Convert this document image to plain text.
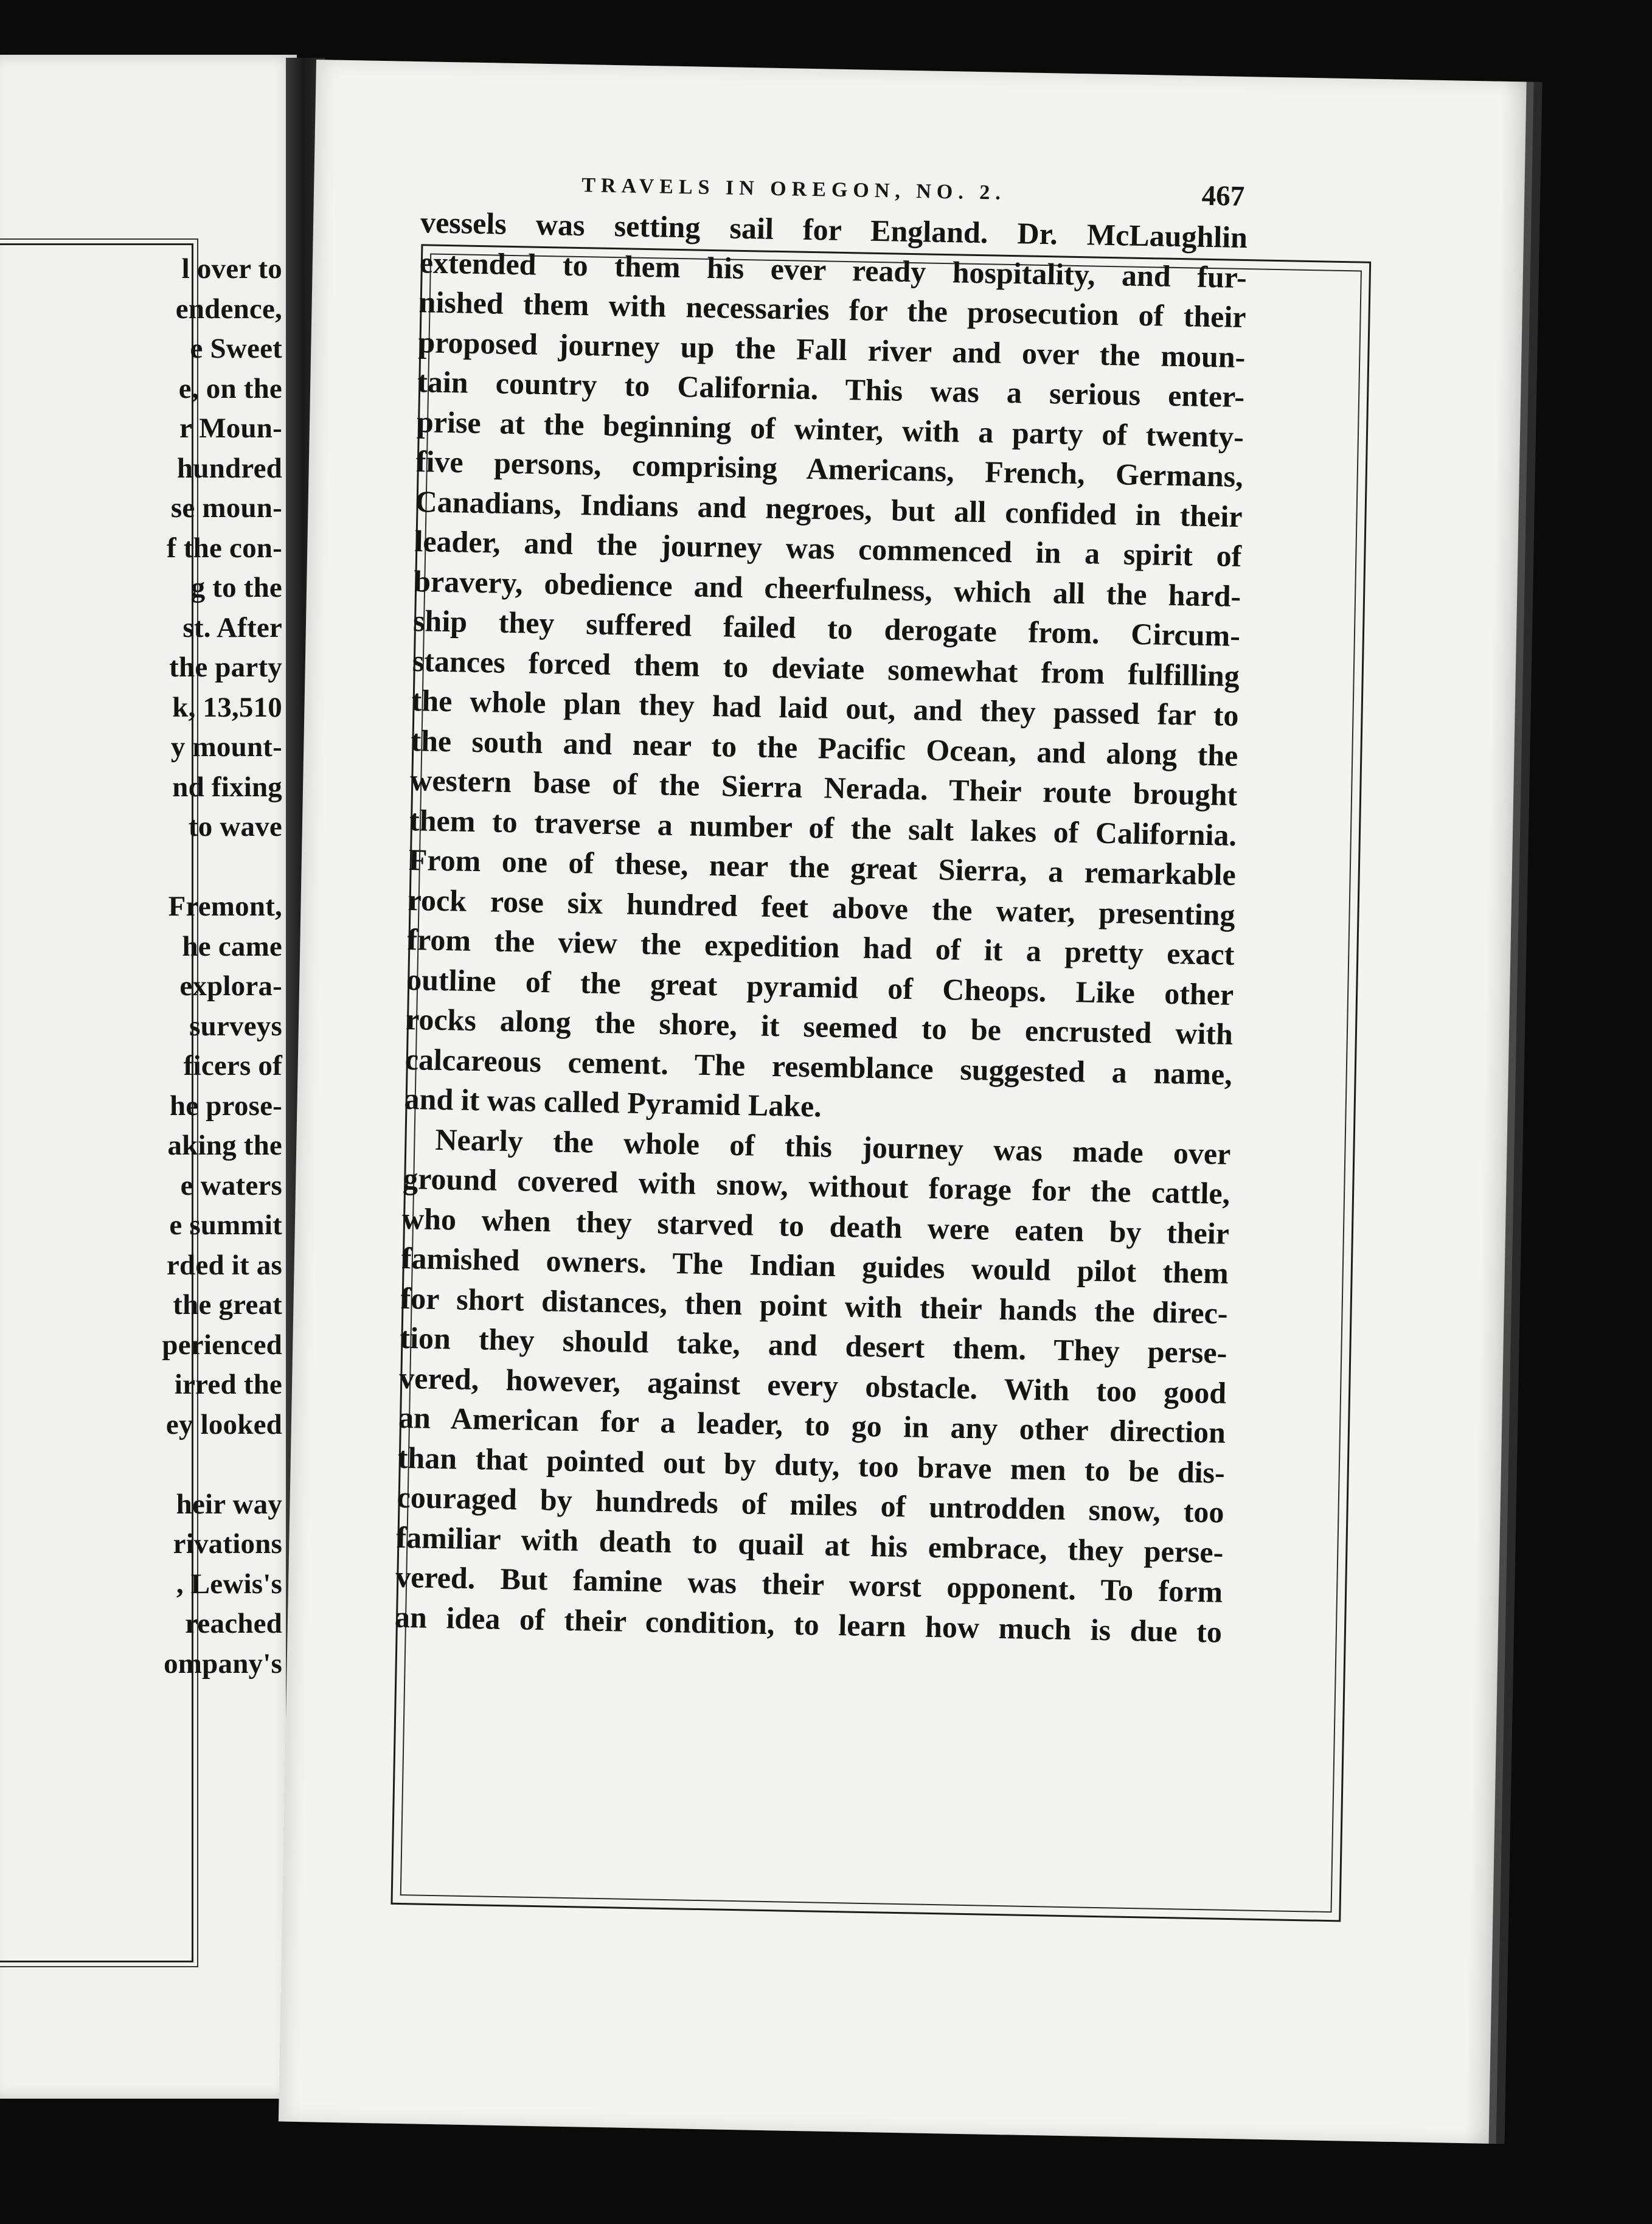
l over to
endence,
e Sweet
e, on the
r Moun-
hundred
se moun-
f the con-
g to the
st. After
the party
k, 13,510
y mount-
nd fixing
to wave
Fremont,
he came
explora-
surveys
ficers of
he prose-
aking the
e waters
e summit
rded it as
the great
perienced
irred the
ey looked
heir way
rivations
, Lewis's
reached
ompany's
TRAVELS IN OREGON, NO. 2.	467
vessels was setting sail for England. Dr. McLaughlin
extended to them his ever ready hospitality, and fur-
nished them with necessaries for the prosecution of their
proposed journey up the Fall river and over the moun-
tain country to California. This was a serious enter-
prise at the beginning of winter, with a party of twenty-
five persons, comprising Americans, French, Germans,
Canadians, Indians and negroes, but all confided in their
leader, and the journey was commenced in a spirit of
bravery, obedience and cheerfulness, which all the hard-
ship they suffered failed to derogate from. Circum-
stances forced them to deviate somewhat from fulfilling
the whole plan they had laid out, and they passed far to
the south and near to the Pacific Ocean, and along the
western base of the Sierra Nerada. Their route brought
them to traverse a number of the salt lakes of California.
From one of these, near the great Sierra, a remarkable
rock rose six hundred feet above the water, presenting
from the view the expedition had of it a pretty exact
outline of the great pyramid of Cheops. Like other
rocks along the shore, it seemed to be encrusted with
calcareous cement. The resemblance suggested a name,
and it was called Pyramid Lake.
Nearly the whole of this journey was made over
ground covered with snow, without forage for the cattle,
who when they starved to death were eaten by their
famished owners. The Indian guides would pilot them
for short distances, then point with their hands the direc-
tion they should take, and desert them. They perse-
vered, however, against every obstacle. With too good
an American for a leader, to go in any other direction
than that pointed out by duty, too brave men to be dis-
couraged by hundreds of miles of untrodden snow, too
familiar with death to quail at his embrace, they perse-
vered. But famine was their worst opponent. To form
an idea of their condition, to learn how much is due to
